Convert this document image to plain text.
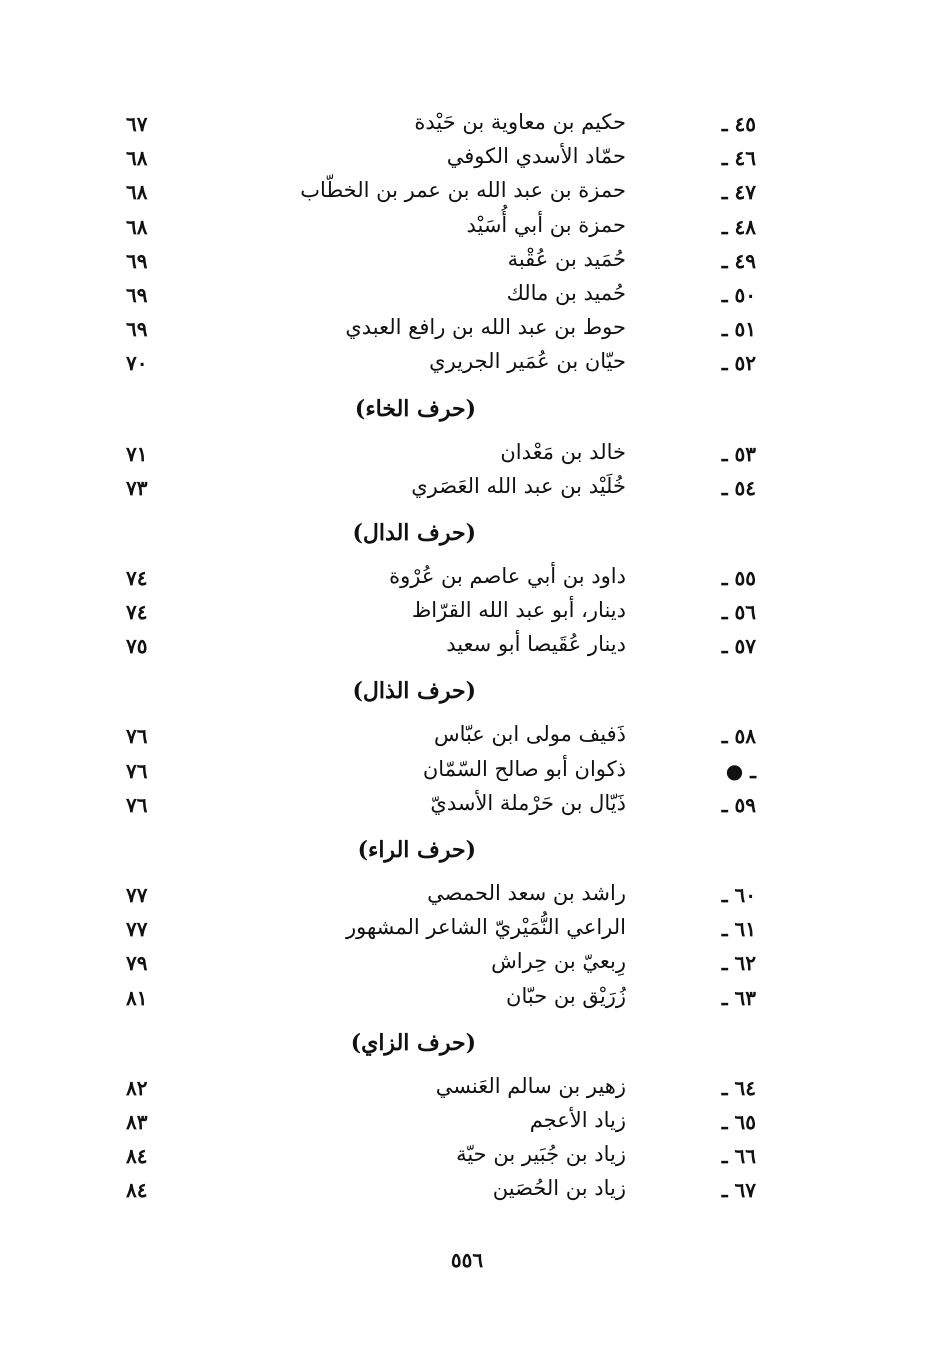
٤٥ ـ
حكيم بن معاوية بن حَيْدة
٦٧
٤٦ ـ
حمّاد الأسدي الكوفي
٦٨
٤٧ ـ
حمزة بن عبد الله بن عمر بن الخطّاب
٦٨
٤٨ ـ
حمزة بن أبي أُسَيْد
٦٨
٤٩ ـ
حُمَيد بن عُقْبة
٦٩
٥٠ ـ
حُميد بن مالك
٦٩
٥١ ـ
حوط بن عبد الله بن رافع العبدي
٦٩
٥٢ ـ
حيّان بن عُمَير الجريري
٧٠
(حرف الخاء)
٥٣ ـ
خالد بن مَعْدان
٧١
٥٤ ـ
خُلَيْد بن عبد الله العَصَري
٧٣
(حرف الدال)
٥٥ ـ
داود بن أبي عاصم بن عُرْوة
٧٤
٥٦ ـ
دينار، أبو عبد الله القرّاظ
٧٤
٥٧ ـ
دينار عُقَيصا أبو سعيد
٧٥
(حرف الذال)
٥٨ ـ
ذَفيف مولى ابن عبّاس
٧٦
● ـ
ذكوان أبو صالح السّمّان
٧٦
٥٩ ـ
ذَيّال بن حَرْملة الأسديّ
٧٦
(حرف الراء)
٦٠ ـ
راشد بن سعد الحمصي
٧٧
٦١ ـ
الراعي النُّمَيْريّ الشاعر المشهور
٧٧
٦٢ ـ
رِبعيّ بن حِراش
٧٩
٦٣ ـ
زُرَيْق بن حبّان
٨١
(حرف الزاي)
٦٤ ـ
زهير بن سالم العَنسي
٨٢
٦٥ ـ
زياد الأعجم
٨٣
٦٦ ـ
زياد بن جُبَير بن حيّة
٨٤
٦٧ ـ
زياد بن الحُصَين
٨٤
٥٥٦
